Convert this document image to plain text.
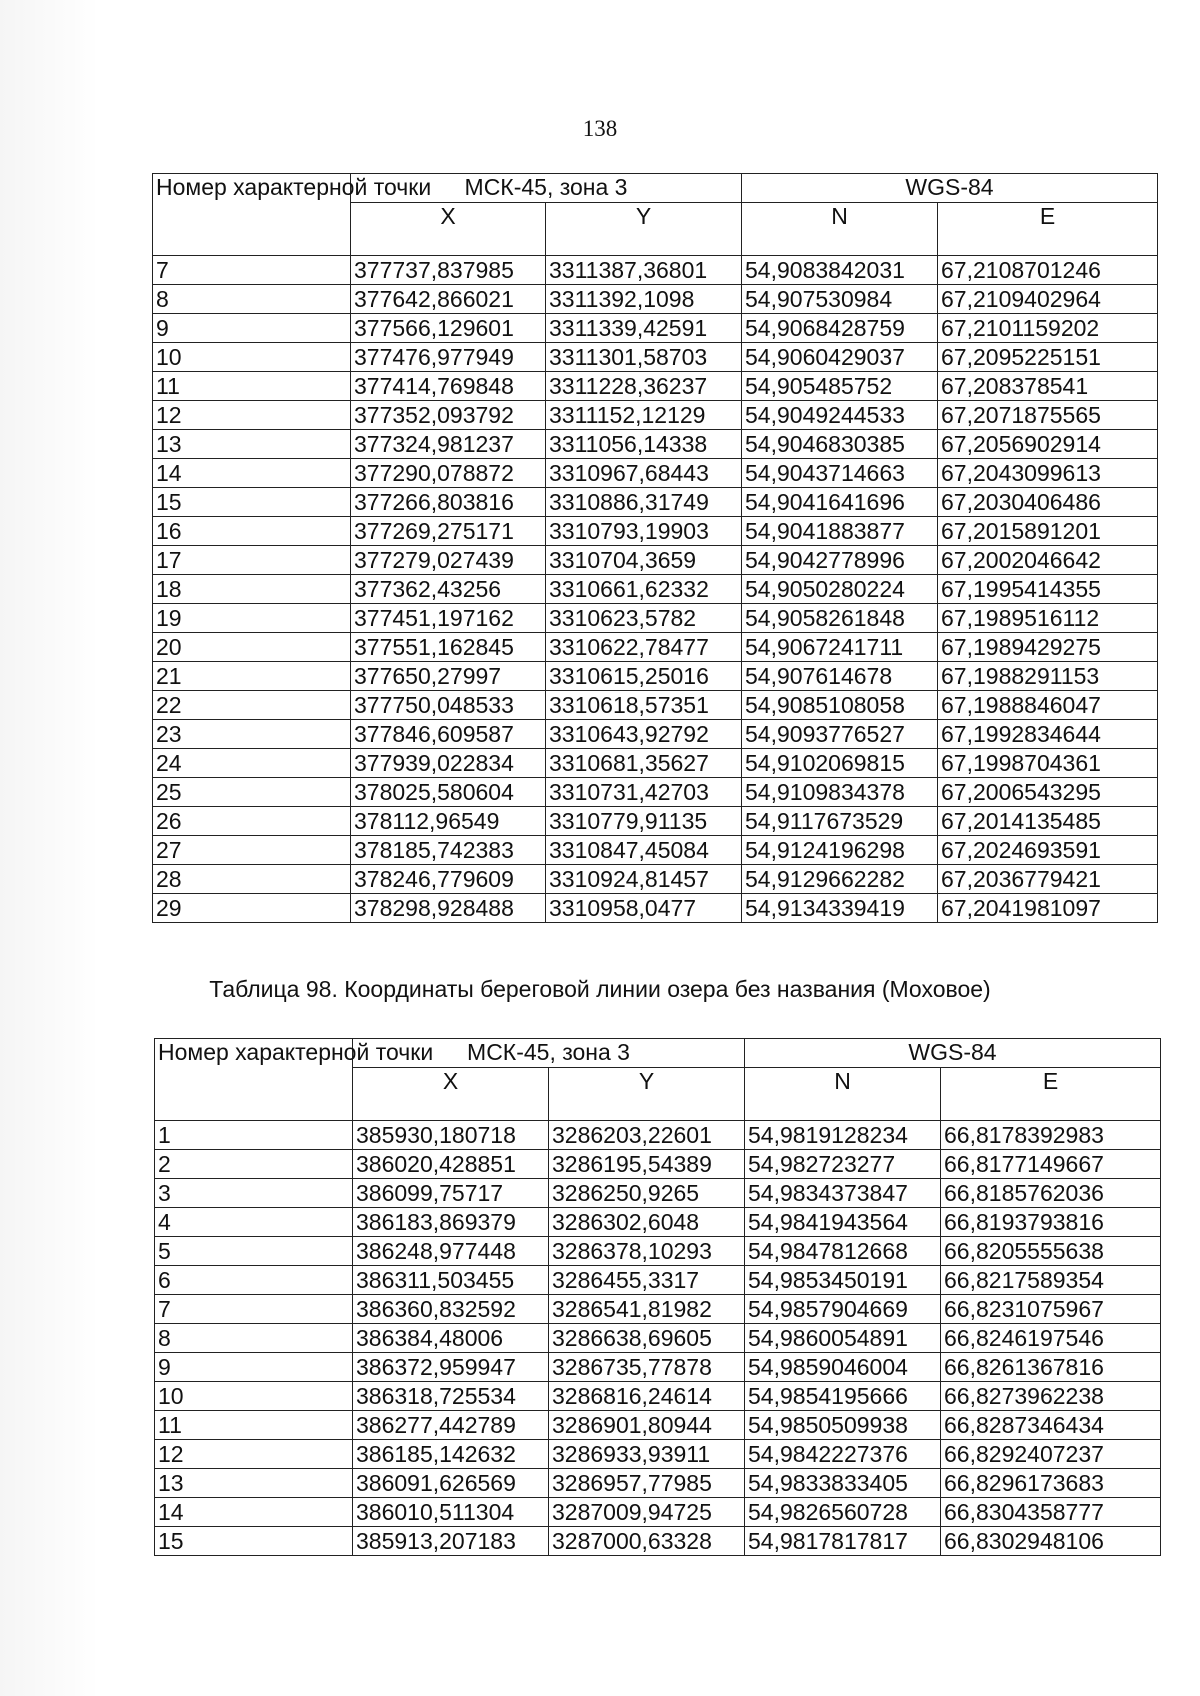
138
Номер характерной точки	МСК-45, зона 3		WGS-84	
	X	Y	N	E
7	377737,837985	3311387,36801	54,9083842031	67,2108701246
8	377642,866021	3311392,1098	54,907530984	67,2109402964
9	377566,129601	3311339,42591	54,9068428759	67,2101159202
10	377476,977949	3311301,58703	54,9060429037	67,2095225151
11	377414,769848	3311228,36237	54,905485752	67,208378541
12	377352,093792	3311152,12129	54,9049244533	67,2071875565
13	377324,981237	3311056,14338	54,9046830385	67,2056902914
14	377290,078872	3310967,68443	54,9043714663	67,2043099613
15	377266,803816	3310886,31749	54,9041641696	67,2030406486
16	377269,275171	3310793,19903	54,9041883877	67,2015891201
17	377279,027439	3310704,3659	54,9042778996	67,2002046642
18	377362,43256	3310661,62332	54,9050280224	67,1995414355
19	377451,197162	3310623,5782	54,9058261848	67,1989516112
20	377551,162845	3310622,78477	54,9067241711	67,1989429275
21	377650,27997	3310615,25016	54,907614678	67,1988291153
22	377750,048533	3310618,57351	54,9085108058	67,1988846047
23	377846,609587	3310643,92792	54,9093776527	67,1992834644
24	377939,022834	3310681,35627	54,9102069815	67,1998704361
25	378025,580604	3310731,42703	54,9109834378	67,2006543295
26	378112,96549	3310779,91135	54,9117673529	67,2014135485
27	378185,742383	3310847,45084	54,9124196298	67,2024693591
28	378246,779609	3310924,81457	54,9129662282	67,2036779421
29	378298,928488	3310958,0477	54,9134339419	67,2041981097
Таблица 98. Координаты береговой линии озера без названия (Моховое)
Номер характерной точки	МСК-45, зона 3		WGS-84	
	X	Y	N	E
1	385930,180718	3286203,22601	54,9819128234	66,8178392983
2	386020,428851	3286195,54389	54,982723277	66,8177149667
3	386099,75717	3286250,9265	54,9834373847	66,8185762036
4	386183,869379	3286302,6048	54,9841943564	66,8193793816
5	386248,977448	3286378,10293	54,9847812668	66,8205555638
6	386311,503455	3286455,3317	54,9853450191	66,8217589354
7	386360,832592	3286541,81982	54,9857904669	66,8231075967
8	386384,48006	3286638,69605	54,9860054891	66,8246197546
9	386372,959947	3286735,77878	54,9859046004	66,8261367816
10	386318,725534	3286816,24614	54,9854195666	66,8273962238
11	386277,442789	3286901,80944	54,9850509938	66,8287346434
12	386185,142632	3286933,93911	54,9842227376	66,8292407237
13	386091,626569	3286957,77985	54,9833833405	66,8296173683
14	386010,511304	3287009,94725	54,9826560728	66,8304358777
15	385913,207183	3287000,63328	54,9817817817	66,8302948106
